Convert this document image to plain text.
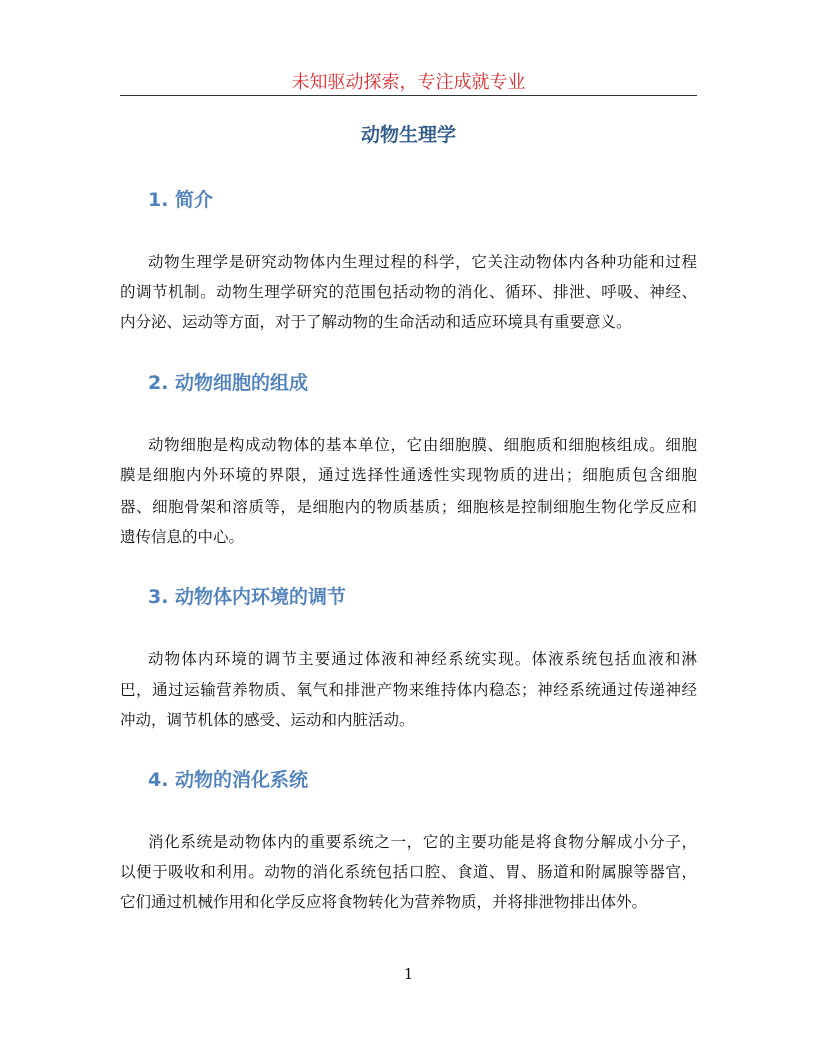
未知驱动探索，专注成就专业
动物生理学
1. 简介
动物生理学是研究动物体内生理过程的科学，它关注动物体内各种功能和过程
的调节机制。动物生理学研究的范围包括动物的消化、循环、排泄、呼吸、神经、
内分泌、运动等方面，对于了解动物的生命活动和适应环境具有重要意义。
2. 动物细胞的组成
动物细胞是构成动物体的基本单位，它由细胞膜、细胞质和细胞核组成。细胞
膜是细胞内外环境的界限，通过选择性通透性实现物质的进出；细胞质包含细胞
器、细胞骨架和溶质等，是细胞内的物质基质；细胞核是控制细胞生物化学反应和
遗传信息的中心。
3. 动物体内环境的调节
动物体内环境的调节主要通过体液和神经系统实现。体液系统包括血液和淋
巴，通过运输营养物质、氧气和排泄产物来维持体内稳态；神经系统通过传递神经
冲动，调节机体的感受、运动和内脏活动。
4. 动物的消化系统
消化系统是动物体内的重要系统之一，它的主要功能是将食物分解成小分子，
以便于吸收和利用。动物的消化系统包括口腔、食道、胃、肠道和附属腺等器官，
它们通过机械作用和化学反应将食物转化为营养物质，并将排泄物排出体外。
1
